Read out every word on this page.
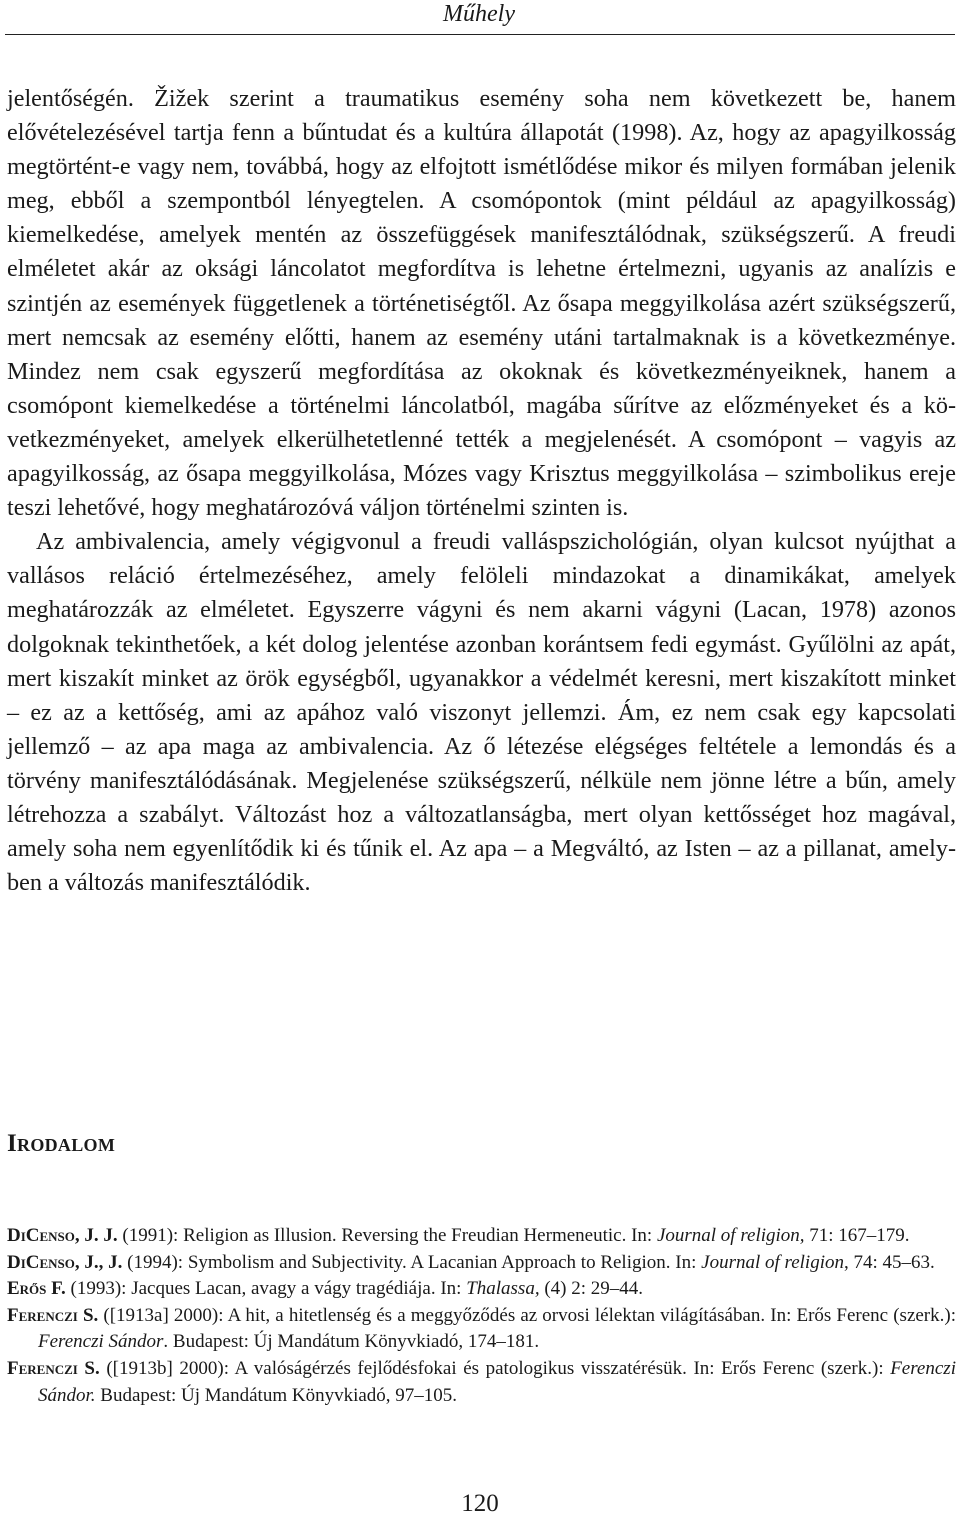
Műhely

jelentőségén. Žižek szerint a traumatikus esemény soha nem következett be, hanem elővételezésével tartja fenn a bűntudat és a kultúra állapotát (1998). Az, hogy az apagyilkosság megtörtént-e vagy nem, továbbá, hogy az elfojtott ismétlődése mikor és milyen formában jelenik meg, ebből a szempontból lényegtelen. A csomópontok (mint például az apagyilkosság) kiemelkedése, amelyek mentén az összefüggések manifesztálódnak, szükségszerű. A freudi elméletet akár az oksági láncolatot megfordítva is lehetne értelmezni, ugyanis az analízis e szintjén az események függetlenek a történetiségtől. Az ősapa meggyilkolása azért szükségszerű, mert nemcsak az esemény előtti, hanem az esemény utáni tartalmaknak is a következménye. Mindez nem csak egyszerű megfordítása az okoknak és következményeiknek, hanem a csomópont kiemelkedése a történelmi láncolatból, magába sűrítve az előzményeket és a következményeket, amelyek elkerülhetetlenné tették a megjelenését. A csomópont – vagyis az apagyilkosság, az ősapa meggyilkolása, Mózes vagy Krisztus meggyilkolása – szimbolikus ereje teszi lehetővé, hogy meghatározóvá váljon történelmi szinten is.

Az ambivalencia, amely végigvonul a freudi valláspszichológián, olyan kulcsot nyújthat a vallásos reláció értelmezéséhez, amely felöleli mindazokat a dinamikákat, amelyek meghatározzák az elméletet. Egyszerre vágyni és nem akarni vágyni (Lacan, 1978) azonos dolgoknak tekinthetőek, a két dolog jelentése azonban korántsem fedi egymást. Gyűlölni az apát, mert kiszakít minket az örök egységből, ugyanakkor a védelmét keresni, mert kiszakított minket – ez az a kettőség, ami az apához való viszonyt jellemzi. Ám, ez nem csak egy kapcsolati jellemző – az apa maga az ambivalencia. Az ő létezése elégséges feltétele a lemondás és a törvény manifesztálódásának. Megjelenése szükségszerű, nélküle nem jönne létre a bűn, amely létrehozza a szabályt. Változást hoz a változatlanságba, mert olyan kettősséget hoz magával, amely soha nem egyenlítődik ki és tűnik el. Az apa – a Megváltó, az Isten – az a pillanat, amelyben a változás manifesztálódik.

Irodalom

DiCenso, J. J. (1991): Religion as Illusion. Reversing the Freudian Hermeneutic. In: Journal of religion, 71: 167–179.

DiCenso, J., J. (1994): Symbolism and Subjectivity. A Lacanian Approach to Religion. In: Journal of religion, 74: 45–63.

Erős F. (1993): Jacques Lacan, avagy a vágy tragédiája. In: Thalassa, (4) 2: 29–44.

Ferenczi S. ([1913a] 2000): A hit, a hitetlenség és a meggyőződés az orvosi lélektan világításában. In: Erős Ferenc (szerk.): Ferenczi Sándor. Budapest: Új Mandátum Könyvkiadó, 174–181.

Ferenczi S. ([1913b] 2000): A valóságérzés fejlődésfokai és patologikus visszatérésük. In: Erős Ferenc (szerk.): Ferenczi Sándor. Budapest: Új Mandátum Könyvkiadó, 97–105.

120
